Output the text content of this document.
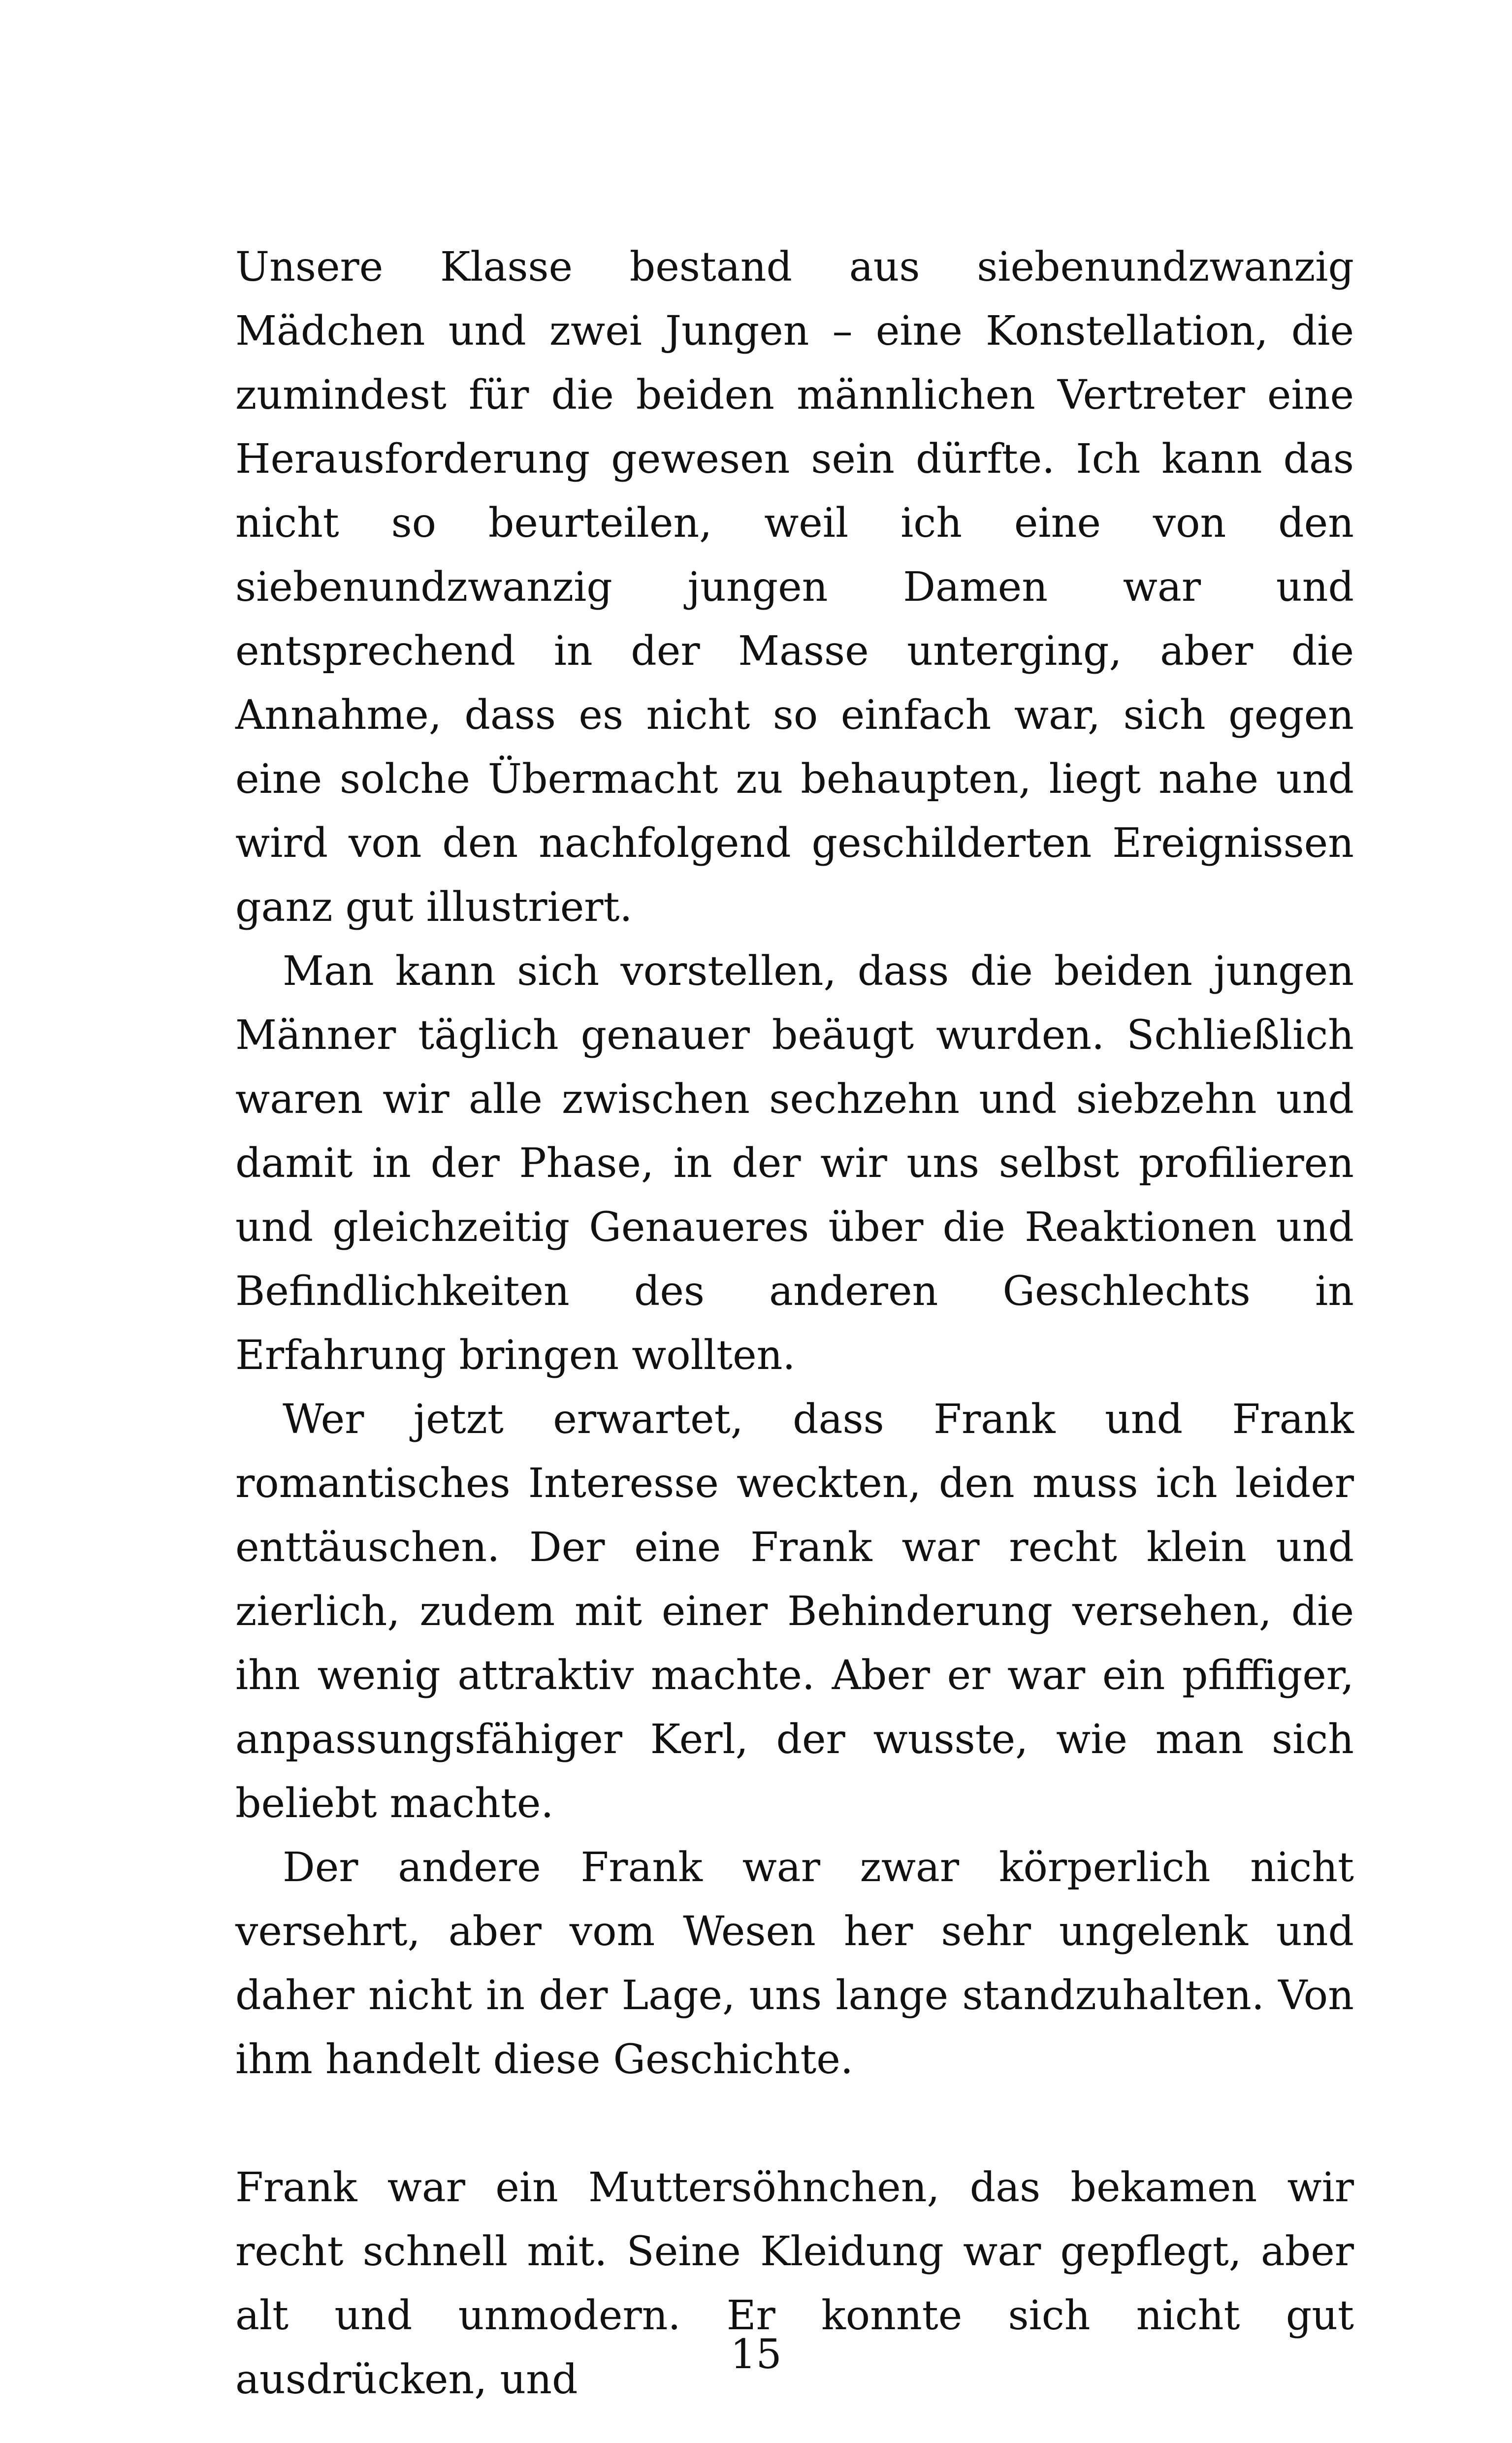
Unsere Klasse bestand aus siebenundzwanzig Mädchen und zwei Jungen – eine Konstellation, die zumindest für die beiden männlichen Vertreter eine Herausforderung gewesen sein dürfte. Ich kann das nicht so beurteilen, weil ich eine von den siebenundzwanzig jungen Damen war und entsprechend in der Masse unterging, aber die Annahme, dass es nicht so einfach war, sich gegen eine solche Übermacht zu behaupten, liegt nahe und wird von den nachfolgend geschilderten Ereignissen ganz gut illustriert.

Man kann sich vorstellen, dass die beiden jungen Männer täglich genauer beäugt wurden. Schließlich waren wir alle zwischen sechzehn und siebzehn und damit in der Phase, in der wir uns selbst profilieren und gleichzeitig Genaueres über die Reaktionen und Befindlichkeiten des anderen Geschlechts in Erfahrung bringen wollten.

Wer jetzt erwartet, dass Frank und Frank romantisches Interesse weckten, den muss ich leider enttäuschen. Der eine Frank war recht klein und zierlich, zudem mit einer Behinderung versehen, die ihn wenig attraktiv machte. Aber er war ein pfiffiger, anpassungsfähiger Kerl, der wusste, wie man sich beliebt machte.

Der andere Frank war zwar körperlich nicht versehrt, aber vom Wesen her sehr ungelenk und daher nicht in der Lage, uns lange standzuhalten. Von ihm handelt diese Geschichte.

Frank war ein Muttersöhnchen, das bekamen wir recht schnell mit. Seine Kleidung war gepflegt, aber alt und unmodern. Er konnte sich nicht gut ausdrücken, und

15
